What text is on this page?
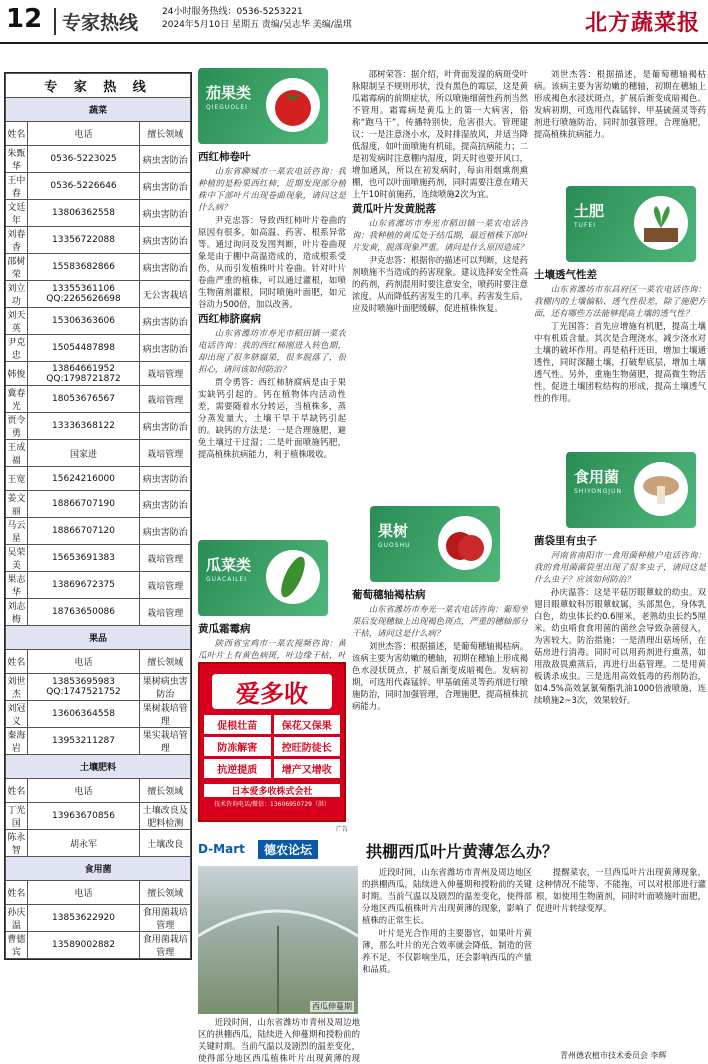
12	专家热线	24小时服务热线：0536-5253221
2024年5月10日 星期五 责编/吴志华 美编/温琪	北方蔬菜报
专 家 热 线		
蔬菜		
姓名	电话	擅长领域
朱甄华	0536-5223025	病虫害防治
王中春	0536-5226646	病虫害防治
文廷年	13806362558	病虫害防治
刘春香	13356722088	病虫害防治
邵树荣	15583682866	病虫害防治
刘立功	13355361106 QQ:2265626698	无公害栽培
刘天英	15306363606	病虫害防治
尹克忠	15054487898	病虫害防治
韩俊	13864661952 QQ:1798721872	栽培管理
冀春光	18053676567	栽培管理
贾令勇	13336368122	病虫害防治
王成福	国家进	栽培管理
王宽	15624216000	病虫害防治
姜文丽	18866707190	病虫害防治
马云星	18866707120	病虫害防治
吴荣美	15653691383	栽培管理
果志华	13869672375	栽培管理
刘志梅	18763650086	栽培管理
果品		
姓名	电话	擅长领域
刘世杰	13853695983 QQ:1747521752	果树病虫害防治
刘冠义	13606364558	果树栽培管理
秦海岩	13953211287	果实栽培管理
土壤肥料		
姓名	电话	擅长领域
丁光国	13963670856	土壤改良及肥料检测
陈永智	胡永军	土壤改良
食用菌		
姓名	电话	擅长领域
孙庆温	13853622920	食用菌栽培管理
曹德宾	13589002882	食用菌栽培管理
茄果类
QIEGUOLEI
西红柿卷叶

山东省聊城市一菜农电话咨询：我种植的是粉果西红柿，近期发现部分植株中下部叶片出现卷曲现象，请问这是什么病？

尹克忠答：导致西红柿叶片卷曲的原因有很多，如高温、药害、根系异常等。通过询问及发图判断，叶片卷曲现象是由于棚中高温造成的，造成根系受伤，从而引发植株叶片卷曲。针对叶片卷曲严重的植株，可以通过灌根，如喷生物菌剂灌根，同时喷施叶面肥，如元谷动力500倍，加以改善。

西红柿脐腐病

山东省潍坊市寿光市稻田镇一菜农电话咨询：我的西红柿刚进入转色期，却出现了很多脐腐果，很多脱落了，很担心，请问该如何防治？

贾令勇答：西红柿脐腐病是由于果实缺钙引起的。钙在植物体内活动性差，需要随着水分转运，当植株多，蒸分蒸发量大，土壤干旱干旱缺钙引起的。缺钙的方法是：一是合理施肥，避免土壤过干过湿；二是叶面喷施钙肥，提高植株抗病能力，利于植株吸收。

瓜菜类
GUACAILEI
黄瓜霜霉病

陕西省宝鸡市一菜农视频咨询：黄瓜叶片上有黄色病斑，叶边缘干枯，叶

爱多收
促根壮苗	保花又保果
防冻解害	控旺防徒长
抗逆提质	增产又增收
日本爱多收株式会社
技术咨询电话/微信：13606950729（洪）
广告

邵树荣答：据介绍，叶背面发湿的病斑受叶脉限制呈不规则形状，没有黑色的霉层，这是黄瓜霜霉病的前期症状，所以喷施细菌性药剂当然不管用。霜霉病是黄瓜上的第一大病害，俗称“跑马干”，传播特别快，危害很大。管理建议：一是注意浇小水，及时排湿放风，并适当降低湿度，如叶面喷施有机硅，提高抗病能力；二是初发病时注意棚内湿度，阴天时也要开风口，增加通风，所以在初发病时，每亩用烟熏剂熏棚，也可以叶面喷施药剂，同时需要注意在晴天上午10时前施药，连续喷施2次为宜。

黄瓜叶片发黄脱落

山东省潍坊市寿光市稻田镇一菜农电话咨询：我种植的黄瓜处于结瓜期，最近植株下部叶片发黄，脱落现象严重。请问是什么原因造成？

尹克忠答：根据你的描述可以判断，这是药剂喷施不当造成的药害现象。建议选择安全性高的药剂，药剂混用时要注意安全，喷药时要注意浓度，从而降低药害发生的几率。药害发生后，应及时喷施叶面肥缓解，促进植株恢复。

果树
GUOSHU
葡萄穗轴褐枯病

山东省潍坊市寿光一菜农电话咨询：葡萄坐果后发现穗轴上出现褐色斑点，严重的穗轴部分干枯，请问这是什么病？

刘世杰答：根据描述，是葡萄穗轴褐枯病。该病主要为害幼嫩的穗轴，初期在穗轴上形成褐色水浸状斑点，扩展后渐变成暗褐色。发病初期，可选用代森锰锌、甲基硫菌灵等药剂进行喷施防治，同时加强管理，合理施肥，提高植株抗病能力。

土肥
TUFEI

刘世杰答：根据描述，是葡萄穗轴褐枯病。该病主要为害幼嫩的穗轴，初期在穗轴上形成褐色水浸状斑点，扩展后渐变成暗褐色。发病初期，可选用代森锰锌、甲基硫菌灵等药剂进行喷施防治，同时加强管理，合理施肥，提高植株抗病能力。

土壤透气性差

山东省潍坊市东昌府区一菜农电话咨询：我棚内的土壤偏粘、透气性很差，除了施肥方面，还有哪些方法能够提高土壤的透气性？

丁光国答：首先应增施有机肥，提高土壤中有机质含量。其次是合理浇水，减少浇水对土壤的破坏作用。再是秸秆还田，增加土壤通透性，同时深翻土壤，打破犁底层，增加土壤透气性。另外，重施生物菌肥，提高微生物活性，促进土壤团粒结构的形成，提高土壤透气性的作用。

食用菌
SHIYONGJUN
菌袋里有虫子

河南省南阳市一食用菌种植户电话咨询：我的食用菌菌袋里出现了很多虫子，请问这是什么虫子？应该如何防治？

孙庆温答：这是平菇厉眼蕈蚊的幼虫。双翅目眼蕈蚊科厉眼蕈蚊属，头部黑色，身体乳白色，幼虫体长约0.6厘米，老熟幼虫长约5厘米。幼虫啃食食用菌的菌丝会导致杂菌侵入，为害较大。防治措施：一是清理出菇场所，在菇房进行消毒。同时可以用药剂进行熏蒸，如用敌敌畏熏蒸后，再进行出菇管理。二是用黄板诱杀成虫。三是选用高效低毒的药剂防治，如4.5%高效氯氰菊酯乳油1000倍液喷施，连续喷施2~3次，效果较好。

D-Mart	德农论坛	拱棚西瓜叶片黄薄怎么办？
西瓜伸蔓期

近段时间，山东省潍坊市青州及周边地区的拱棚西瓜，陆续进入伸蔓期和授粉前的关键时期。当前气温以及剧烈的温差变化，使得部分地区西瓜植株叶片出现黄薄的现象，影响了植株的正常生长。

叶片是光合作用的主要器官，如果叶片黄薄，那么叶片的光合效率就会降低，制造的营养不足，不仅影响坐瓜，还会影响西瓜的产量和品质。

近段时间，山东省潍坊市青州及周边地区的拱棚西瓜，陆续进入伸蔓期和授粉前的关键时期。当前气温以及剧烈的温差变化，使得部分地区西瓜植株叶片出现黄薄的现

提醒菜农，一旦西瓜叶片出现黄薄现象，这种情况不能等、不能拖，可以对根部进行灌根，如使用生物菌剂，同时叶面喷施叶面肥，促进叶片转绿变厚。

青州德农植市技术委员会 李辉
